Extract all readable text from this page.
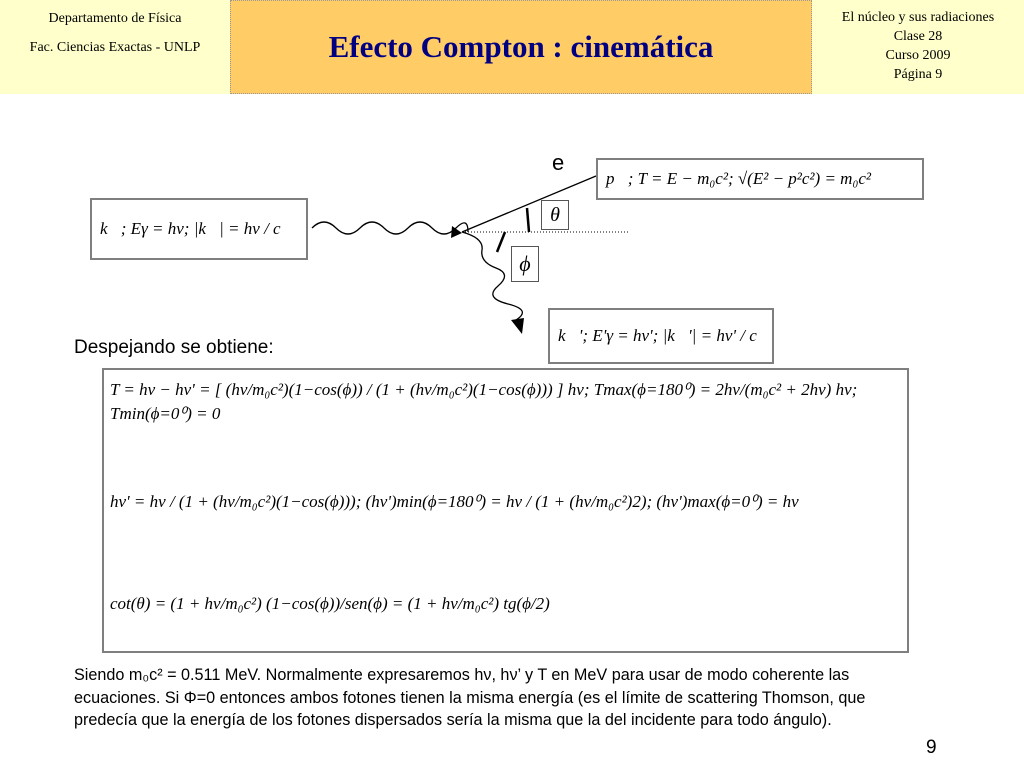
Departamento de Física
Fac. Ciencias Exactas - UNLP	Efecto Compton : cinemática
El núcleo y sus radiaciones
Clase 28
Curso 2009
Página 9
e
θ
ϕ
p⃗; T = E − m₀c²; √(E² − p²c²) = m₀c²
k⃗; Eγ = hν; |k⃗| = hν / c
k⃗'; E'γ = hν'; |k⃗'| = hν' / c
Despejando se obtiene:
T = hν − hν' = [ (hν/m₀c²)(1−cos(ϕ)) / (1 + (hν/m₀c²)(1−cos(ϕ))) ] hν; Tmax(ϕ=180⁰) = 2hν/(m₀c² + 2hν) hν; Tmin(ϕ=0⁰) = 0
hν' = hν / (1 + (hν/m₀c²)(1−cos(ϕ))); (hν')min(ϕ=180⁰) = hν / (1 + (hν/m₀c²)2); (hν')max(ϕ=0⁰) = hν
cot(θ) = (1 + hν/m₀c²) (1−cos(ϕ))/sen(ϕ) = (1 + hν/m₀c²) tg(ϕ/2)
Siendo m₀c² = 0.511 MeV. Normalmente expresaremos hν, hν’ y T en MeV para usar de modo coherente las ecuaciones. Si Φ=0 entonces ambos fotones tienen la misma energía (es el límite de scattering Thomson, que predecía que la energía de los fotones dispersados sería la misma que la del incidente para todo ángulo).
9
